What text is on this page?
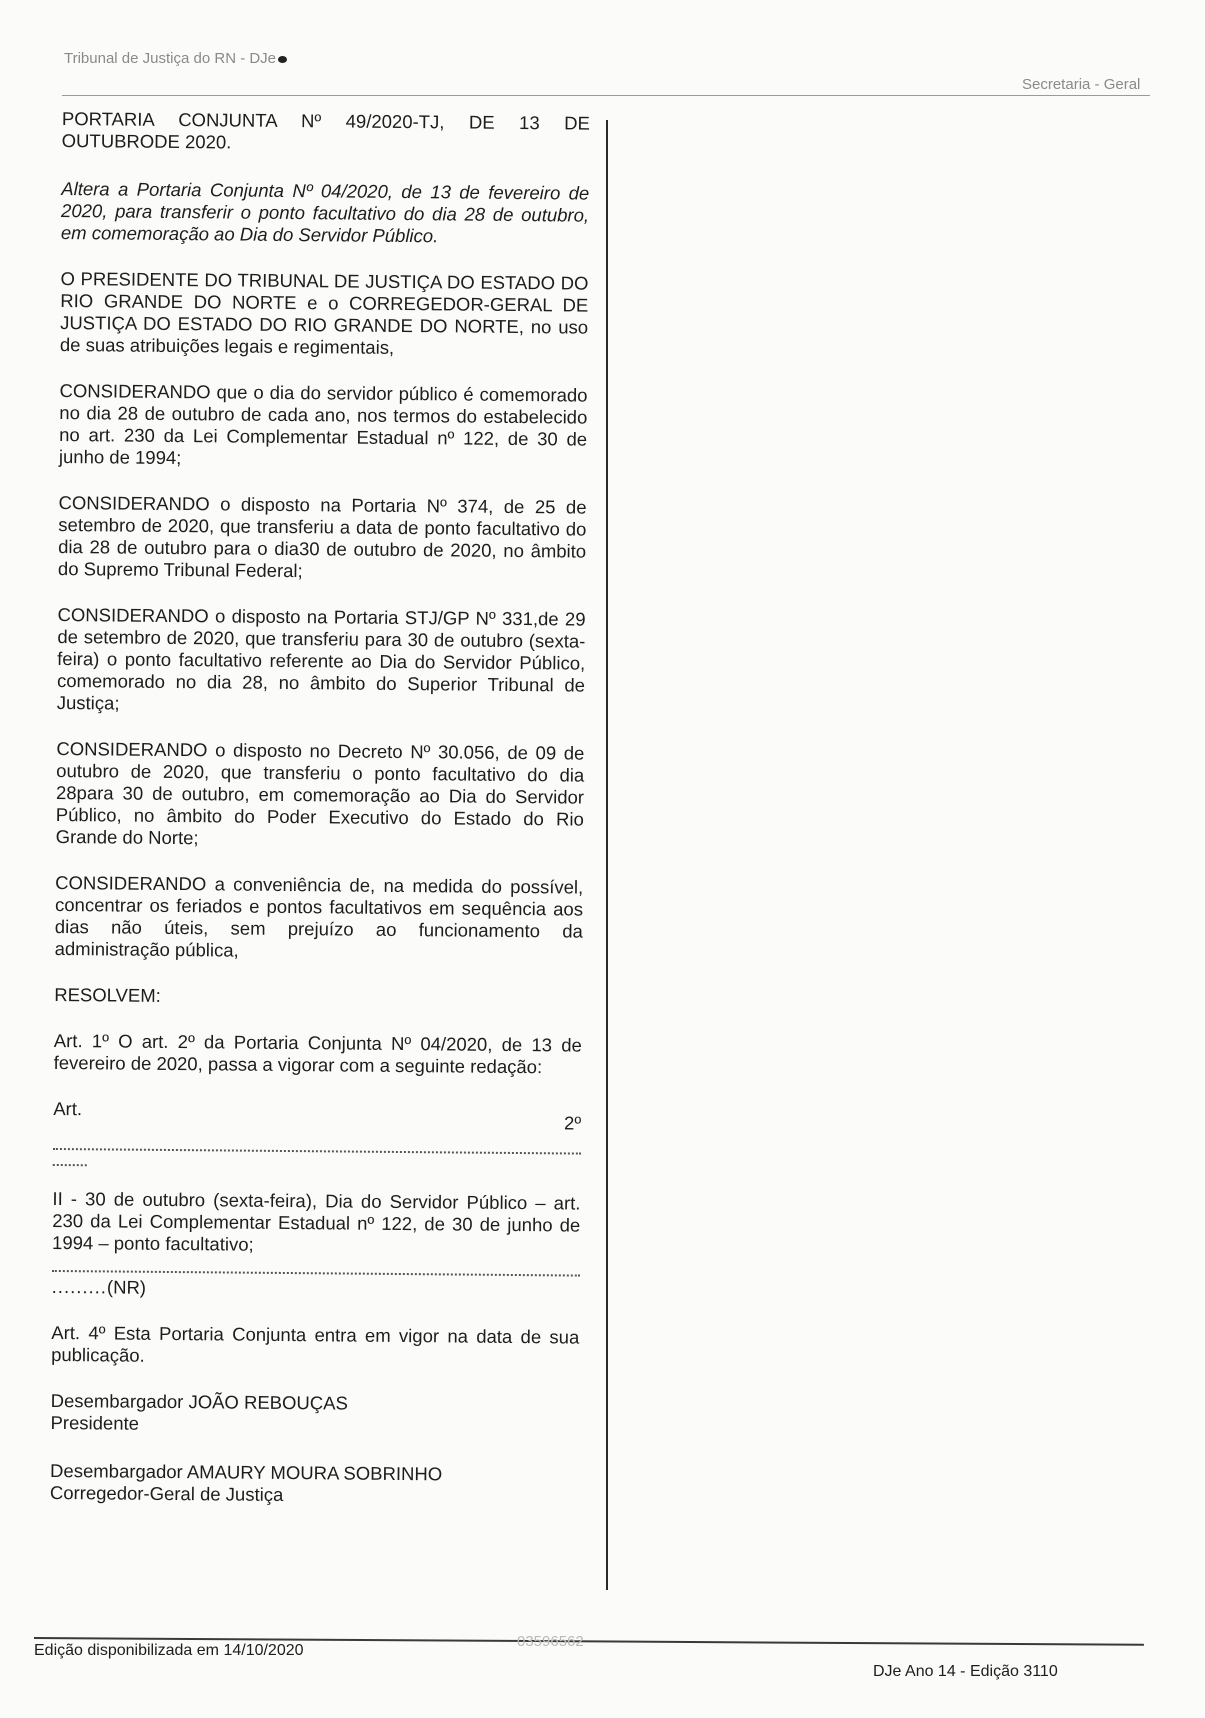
Tribunal de Justiça do RN - DJe
Secretaria - Geral

PORTARIA CONJUNTA Nº 49/2020-TJ, DE 13 DE OUTUBRODE 2020.

Altera a Portaria Conjunta Nº 04/2020, de 13 de fevereiro de 2020, para transferir o ponto facultativo do dia 28 de outubro, em comemoração ao Dia do Servidor Público.

O PRESIDENTE DO TRIBUNAL DE JUSTIÇA DO ESTADO DO RIO GRANDE DO NORTE e o CORREGEDOR-GERAL DE JUSTIÇA DO ESTADO DO RIO GRANDE DO NORTE, no uso de suas atribuições legais e regimentais,

CONSIDERANDO que o dia do servidor público é comemorado no dia 28 de outubro de cada ano, nos termos do estabelecido no art. 230 da Lei Complementar Estadual nº 122, de 30 de junho de 1994;

CONSIDERANDO o disposto na Portaria Nº 374, de 25 de setembro de 2020, que transferiu a data de ponto facultativo do dia 28 de outubro para o dia30 de outubro de 2020, no âmbito do Supremo Tribunal Federal;

CONSIDERANDO o disposto na Portaria STJ/GP Nº 331,de 29 de setembro de 2020, que transferiu para 30 de outubro (sexta-feira) o ponto facultativo referente ao Dia do Servidor Público, comemorado no dia 28, no âmbito do Superior Tribunal de Justiça;

CONSIDERANDO o disposto no Decreto Nº 30.056, de 09 de outubro de 2020, que transferiu o ponto facultativo do dia 28para 30 de outubro, em comemoração ao Dia do Servidor Público, no âmbito do Poder Executivo do Estado do Rio Grande do Norte;

CONSIDERANDO a conveniência de, na medida do possível, concentrar os feriados e pontos facultativos em sequência aos dias não úteis, sem prejuízo ao funcionamento da administração pública,

RESOLVEM:

Art. 1º O art. 2º da Portaria Conjunta Nº 04/2020, de 13 de fevereiro de 2020, passa a vigorar com a seguinte redação:

Art.
2º

II - 30 de outubro (sexta-feira), Dia do Servidor Público – art. 230 da Lei Complementar Estadual nº 122, de 30 de junho de 1994 – ponto facultativo;

.........(NR)

Art. 4º Esta Portaria Conjunta entra em vigor na data de sua publicação.

Desembargador JOÃO REBOUÇAS
Presidente
Desembargador AMAURY MOURA SOBRINHO
Corregedor-Geral de Justiça
Edição disponibilizada em 14/10/2020
03596562
DJe Ano 14 - Edição 3110
